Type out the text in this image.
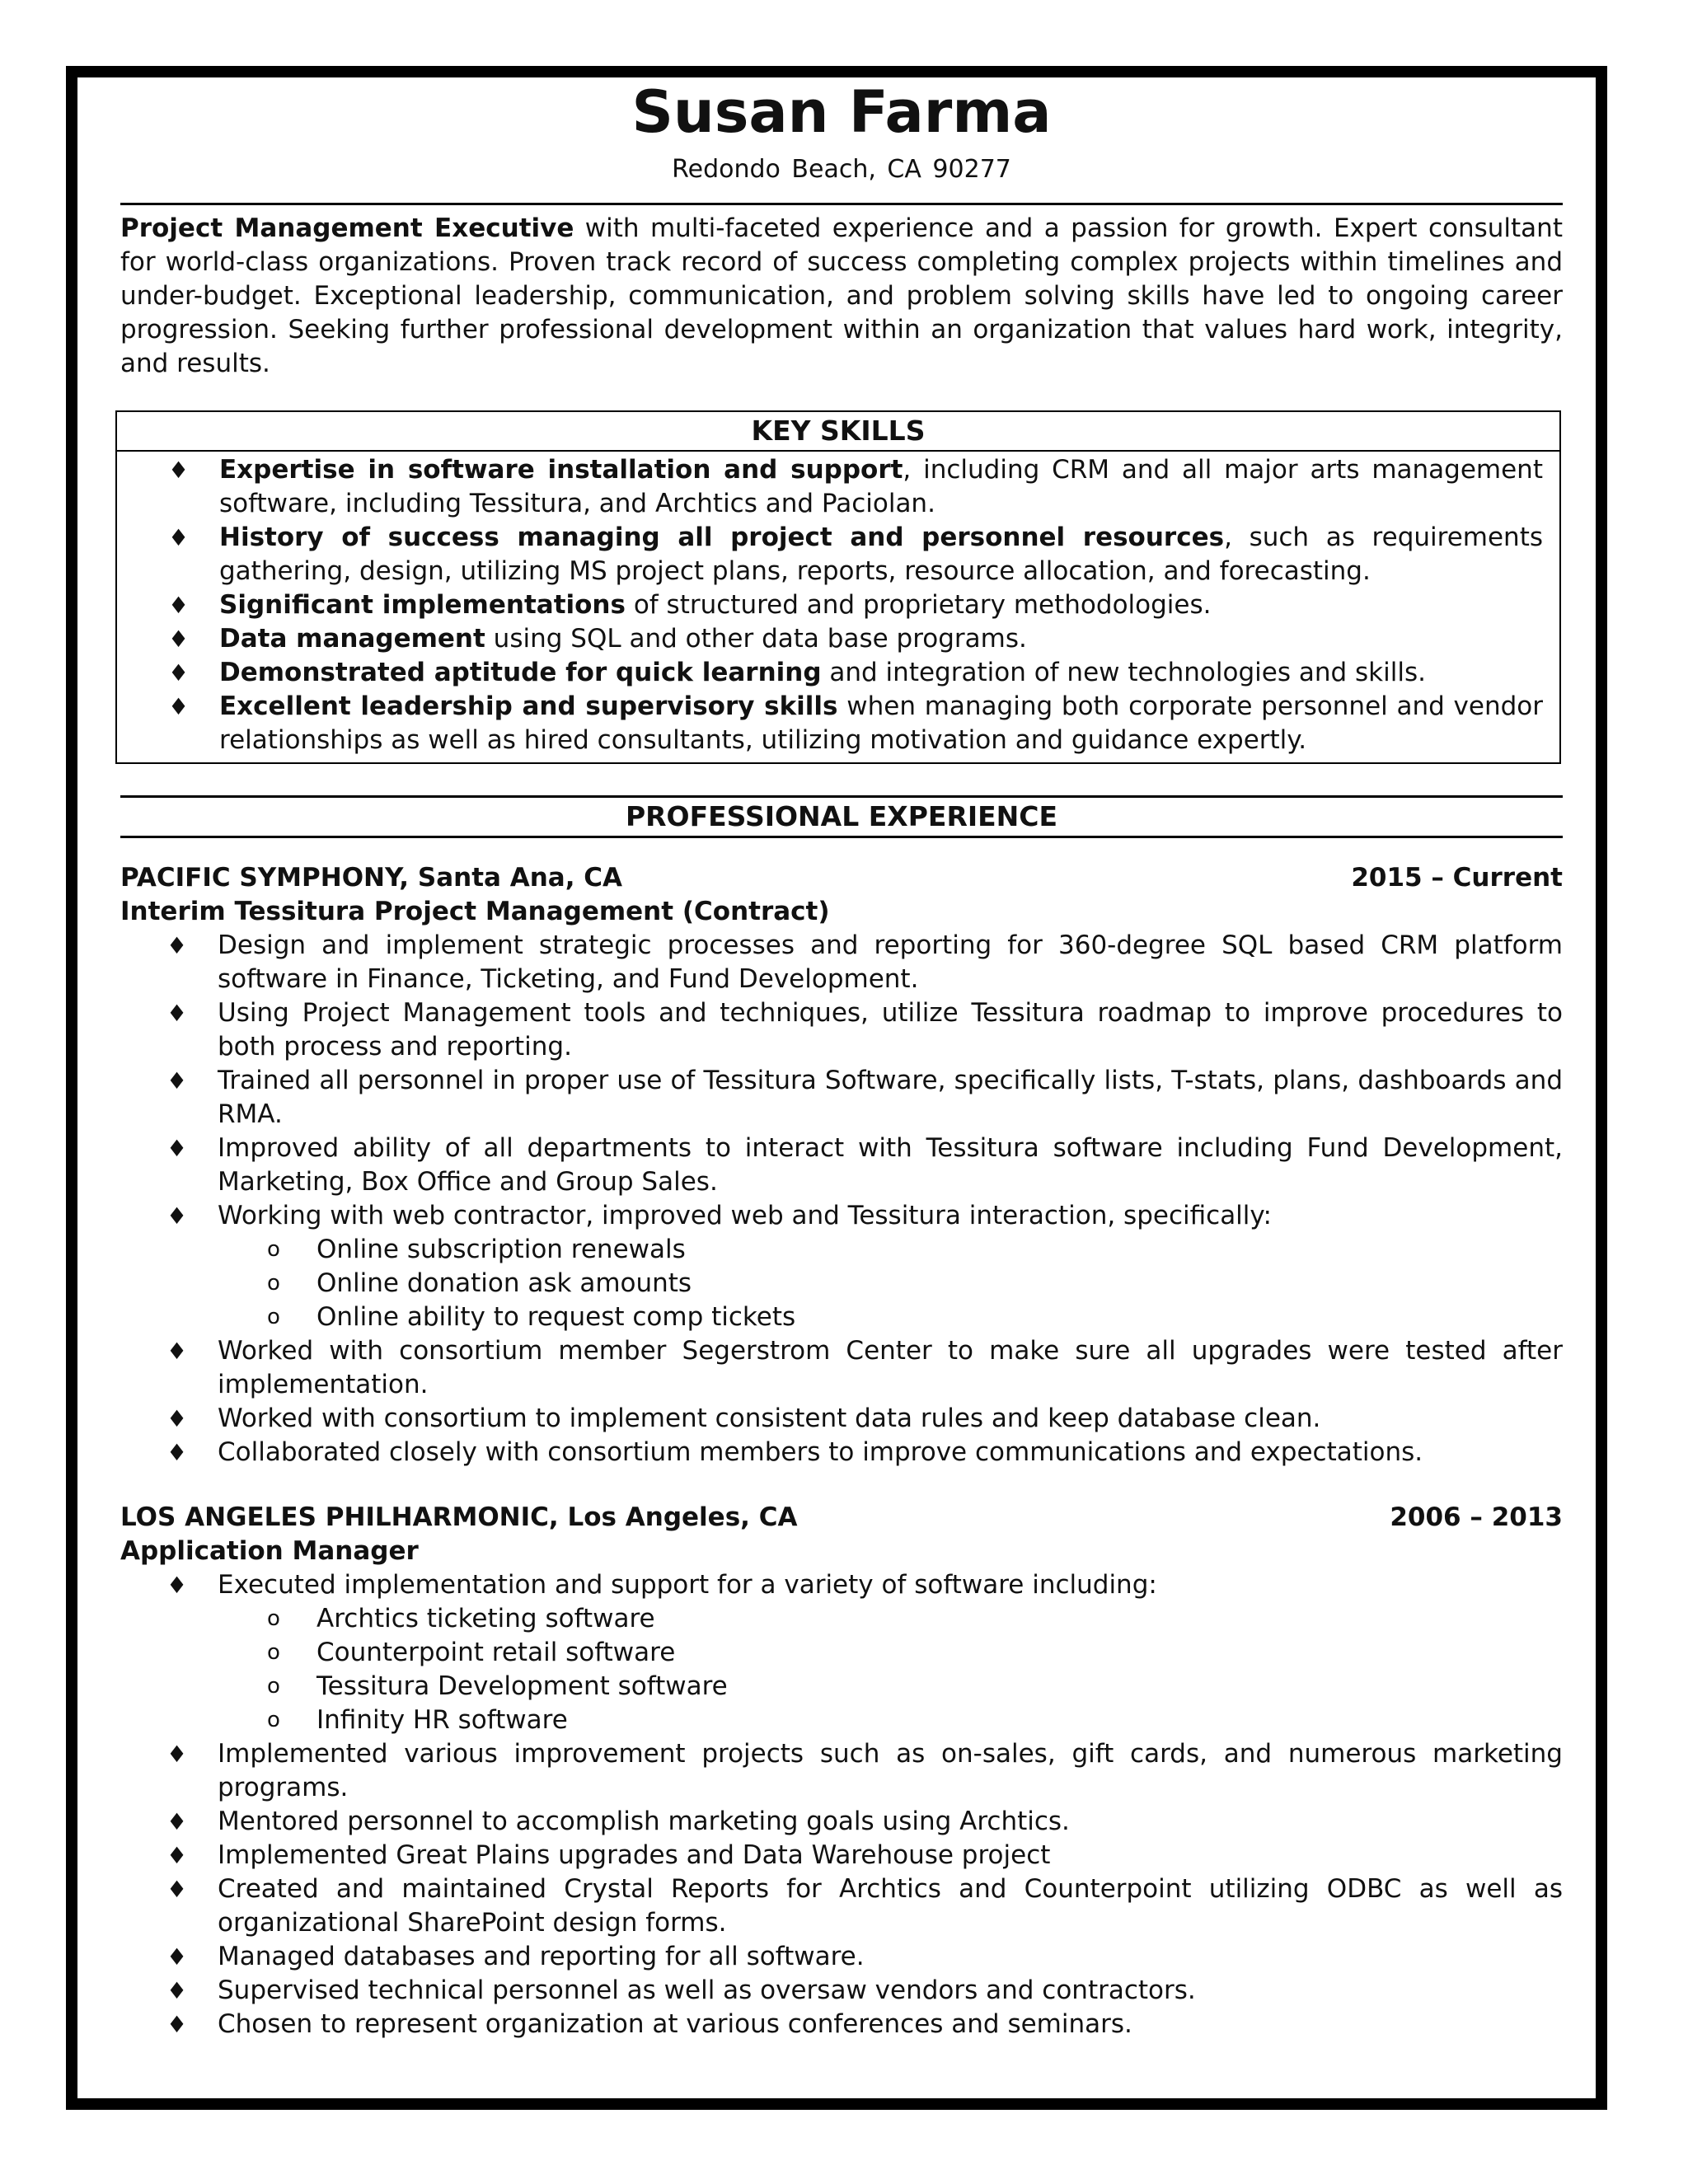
Susan Farma
Redondo Beach, CA 90277
Project Management Executive with multi-faceted experience and a passion for growth. Expert consultant for world-class organizations. Proven track record of success completing complex projects within timelines and under-budget. Exceptional leadership, communication, and problem solving skills have led to ongoing career progression. Seeking further professional development within an organization that values hard work, integrity, and results.
KEY SKILLS
♦ Expertise in software installation and support, including CRM and all major arts management software, including Tessitura, and Archtics and Paciolan.
♦ History of success managing all project and personnel resources, such as requirements gathering, design, utilizing MS project plans, reports, resource allocation, and forecasting.
♦ Significant implementations of structured and proprietary methodologies.
♦ Data management using SQL and other data base programs.
♦ Demonstrated aptitude for quick learning and integration of new technologies and skills.
♦ Excellent leadership and supervisory skills when managing both corporate personnel and vendor relationships as well as hired consultants, utilizing motivation and guidance expertly.
PROFESSIONAL EXPERIENCE
PACIFIC SYMPHONY, Santa Ana, CA	2015 – Current
Interim Tessitura Project Management (Contract)
♦ Design and implement strategic processes and reporting for 360-degree SQL based CRM platform software in Finance, Ticketing, and Fund Development.
♦ Using Project Management tools and techniques, utilize Tessitura roadmap to improve procedures to both process and reporting.
♦ Trained all personnel in proper use of Tessitura Software, specifically lists, T-stats, plans, dashboards and RMA.
♦ Improved ability of all departments to interact with Tessitura software including Fund Development, Marketing, Box Office and Group Sales.
♦ Working with web contractor, improved web and Tessitura interaction, specifically:
o Online subscription renewals
o Online donation ask amounts
o Online ability to request comp tickets
♦ Worked with consortium member Segerstrom Center to make sure all upgrades were tested after implementation.
♦ Worked with consortium to implement consistent data rules and keep database clean.
♦ Collaborated closely with consortium members to improve communications and expectations.
LOS ANGELES PHILHARMONIC, Los Angeles, CA	2006 – 2013
Application Manager
♦ Executed implementation and support for a variety of software including:
o Archtics ticketing software
o Counterpoint retail software
o Tessitura Development software
o Infinity HR software
♦ Implemented various improvement projects such as on-sales, gift cards, and numerous marketing programs.
♦ Mentored personnel to accomplish marketing goals using Archtics.
♦ Implemented Great Plains upgrades and Data Warehouse project
♦ Created and maintained Crystal Reports for Archtics and Counterpoint utilizing ODBC as well as organizational SharePoint design forms.
♦ Managed databases and reporting for all software.
♦ Supervised technical personnel as well as oversaw vendors and contractors.
♦ Chosen to represent organization at various conferences and seminars.
